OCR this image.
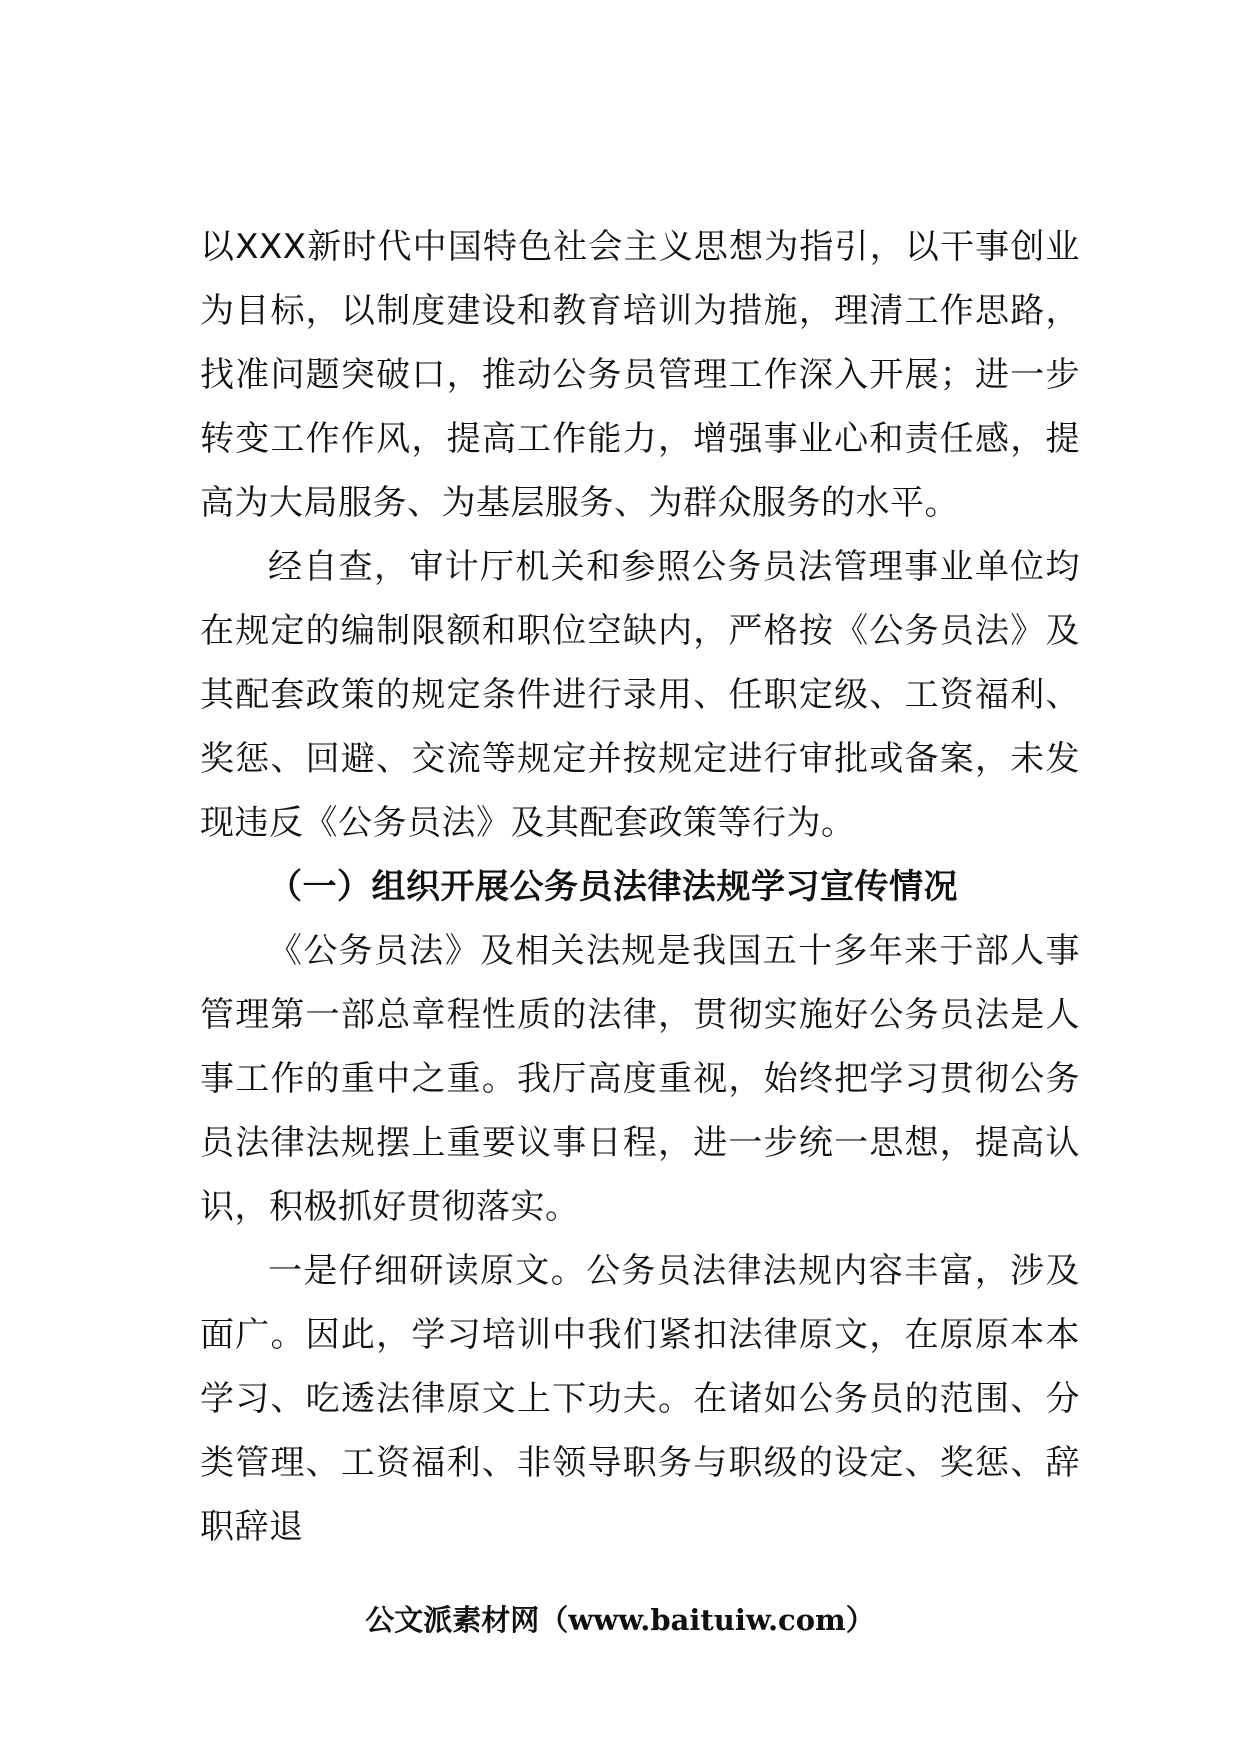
以XXX新时代中国特色社会主义思想为指引，以干事创业为目标，以制度建设和教育培训为措施，理清工作思路，找准问题突破口，推动公务员管理工作深入开展；进一步转变工作作风，提高工作能力，增强事业心和责任感，提高为大局服务、为基层服务、为群众服务的水平。

经自查，审计厅机关和参照公务员法管理事业单位均在规定的编制限额和职位空缺内，严格按《公务员法》及其配套政策的规定条件进行录用、任职定级、工资福利、奖惩、回避、交流等规定并按规定进行审批或备案，未发现违反《公务员法》及其配套政策等行为。

（一）组织开展公务员法律法规学习宣传情况

《公务员法》及相关法规是我国五十多年来于部人事管理第一部总章程性质的法律，贯彻实施好公务员法是人事工作的重中之重。我厅高度重视，始终把学习贯彻公务员法律法规摆上重要议事日程，进一步统一思想，提高认识，积极抓好贯彻落实。

一是仔细研读原文。公务员法律法规内容丰富，涉及面广。因此，学习培训中我们紧扣法律原文，在原原本本学习、吃透法律原文上下功夫。在诸如公务员的范围、分类管理、工资福利、非领导职务与职级的设定、奖惩、辞职辞退

公文派素材网（www.baituiw.com）
